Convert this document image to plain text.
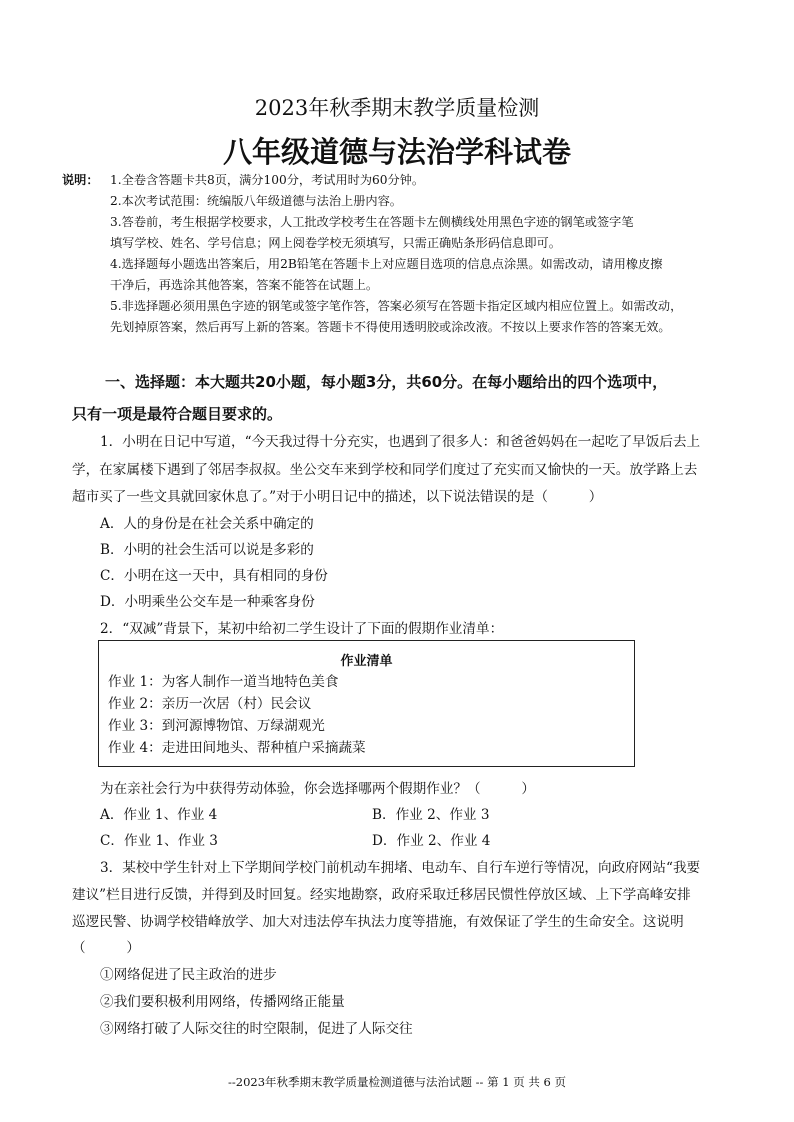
2023年秋季期末教学质量检测
八年级道德与法治学科试卷
说明： 1.全卷含答题卡共8页，满分100分，考试用时为60分钟。
2.本次考试范围：统编版八年级道德与法治上册内容。
3.答卷前，考生根据学校要求，人工批改学校考生在答题卡左侧横线处用黑色字迹的钢笔或签字笔
填写学校、姓名、学号信息；网上阅卷学校无须填写，只需正确贴条形码信息即可。
4.选择题每小题选出答案后，用2B铅笔在答题卡上对应题目选项的信息点涂黑。如需改动，请用橡皮擦
干净后，再选涂其他答案，答案不能答在试题上。
5.非选择题必须用黑色字迹的钢笔或签字笔作答，答案必须写在答题卡指定区域内相应位置上。如需改动，
先划掉原答案，然后再写上新的答案。答题卡不得使用透明胶或涂改液。不按以上要求作答的答案无效。
一、选择题：本大题共20小题，每小题3分，共60分。在每小题给出的四个选项中，
只有一项是最符合题目要求的。
1．小明在日记中写道，“今天我过得十分充实，也遇到了很多人：和爸爸妈妈在一起吃了早饭后去上
学，在家属楼下遇到了邻居李叔叔。坐公交车来到学校和同学们度过了充实而又愉快的一天。放学路上去
超市买了一些文具就回家休息了。”对于小明日记中的描述，以下说法错误的是（　　　）
A．人的身份是在社会关系中确定的
B．小明的社会生活可以说是多彩的
C．小明在这一天中，具有相同的身份
D．小明乘坐公交车是一种乘客身份
2．“双减”背景下，某初中给初二学生设计了下面的假期作业清单：
作业清单
作业 1：为客人制作一道当地特色美食
作业 2：亲历一次居（村）民会议
作业 3：到河源博物馆、万绿湖观光
作业 4：走进田间地头、帮种植户采摘蔬菜
为在亲社会行为中获得劳动体验，你会选择哪两个假期作业？（　　　）
A．作业 1、作业 4	B．作业 2、作业 3
C．作业 1、作业 3	D．作业 2、作业 4
3．某校中学生针对上下学期间学校门前机动车拥堵、电动车、自行车逆行等情况，向政府网站“我要
建议”栏目进行反馈，并得到及时回复。经实地勘察，政府采取迁移居民惯性停放区域、上下学高峰安排
巡逻民警、协调学校错峰放学、加大对违法停车执法力度等措施，有效保证了学生的生命安全。这说明
（　　　）
①网络促进了民主政治的进步
②我们要积极利用网络，传播网络正能量
③网络打破了人际交往的时空限制，促进了人际交往
--2023年秋季期末教学质量检测道德与法治试题 -- 第 1 页 共 6 页
